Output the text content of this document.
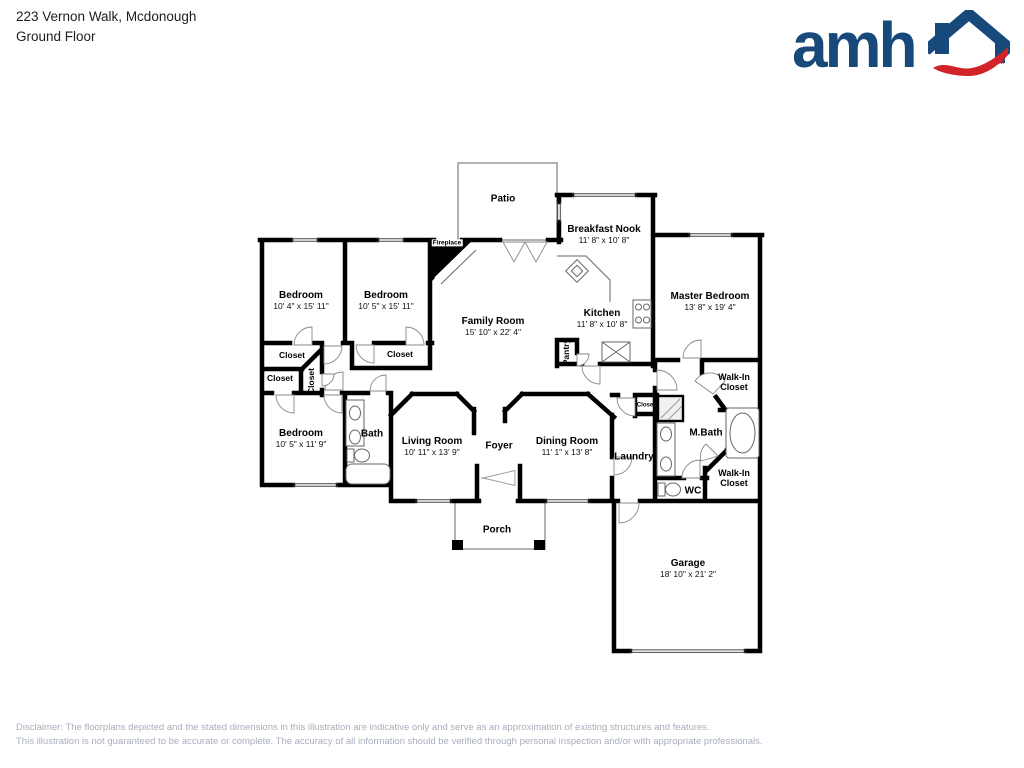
223 Vernon Walk, Mcdonough
Ground Floor	amh	SM
Patio
Breakfast Nook
11' 8" x 10' 8"
Fireplace
Bedroom
10' 4" x 15' 11"
Bedroom
10' 5" x 15' 11"
Family Room
15' 10" x 22' 4"
Kitchen
11' 8" x 10' 8"
Master Bedroom
13' 8" x 19' 4"
Closet	Closet
Closet Closet
Pantry
Bedroom
10' 5" x 11' 9"
Bath
Living Room
10' 11" x 13' 9"
Foyer Dining Room
11' 1" x 13' 8"	Laundry
Closet
M.Bath
Walk-In Closet
WC
Walk-In Closet
Porch
Garage
18' 10" x 21' 2"
Disclaimer: The floorplans depicted and the stated dimensions in this illustration are indicative only and serve as an approximation of existing structures and features.
This illustration is not guaranteed to be accurate or complete. The accuracy of all information should be verified through personal inspection and/or with appropriate professionals.
